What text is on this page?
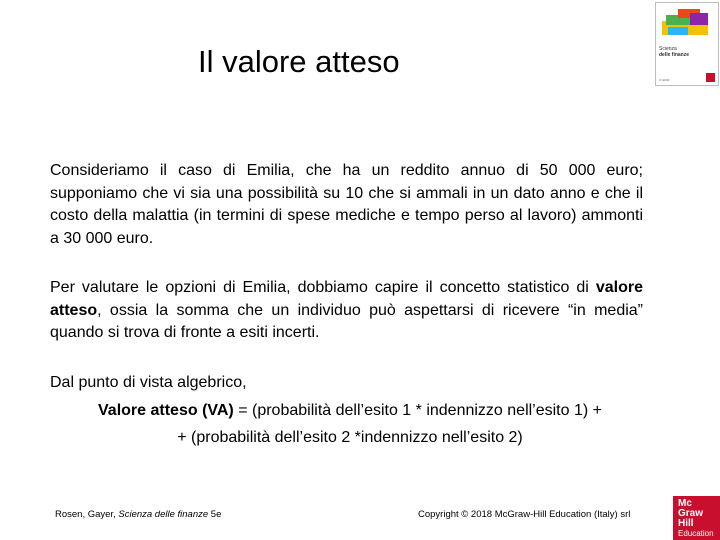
Il valore atteso	Scienza
delle finanze
IV EDIZ

Consideriamo il caso di Emilia, che ha un reddito annuo di 50 000 euro; supponiamo che vi sia una possibilità su 10 che si ammali in un dato anno e che il costo della malattia (in termini di spese mediche e tempo perso al lavoro) ammonti a 30 000 euro.

Per valutare le opzioni di Emilia, dobbiamo capire il concetto statistico di valore atteso, ossia la somma che un individuo può aspettarsi di ricevere “in media” quando si trova di fronte a esiti incerti.

Dal punto di vista algebrico,

Valore atteso (VA) = (probabilità dell’esito 1 * indennizzo nell’esito 1) +
+ (probabilità dell’esito 2 *indennizzo nell’esito 2)
Rosen, Gayer, Scienza delle finanze 5e	Copyright © 2018 McGraw-Hill Education (Italy) srl
Mc
Graw
Hill
Education
